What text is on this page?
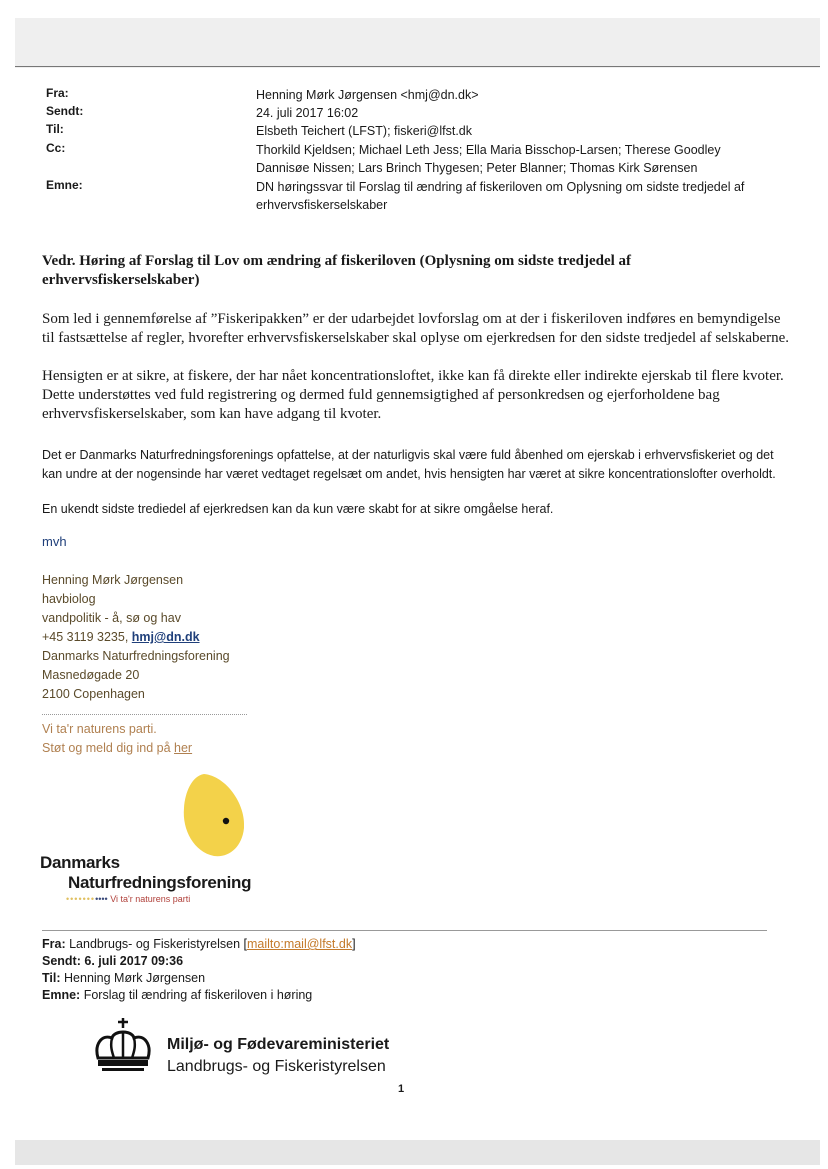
Fra:	Henning Mørk Jørgensen <hmj@dn.dk>
Sendt:	24. juli 2017 16:02
Til:	Elsbeth Teichert (LFST); fiskeri@lfst.dk
Cc:	Thorkild Kjeldsen; Michael Leth Jess; Ella Maria Bisschop-Larsen; Therese Goodley Dannisøe Nissen; Lars Brinch Thygesen; Peter Blanner; Thomas Kirk Sørensen
Emne:	DN høringssvar til Forslag til ændring af fiskeriloven om Oplysning om sidste tredjedel af erhvervsfiskerselskaber
Vedr. Høring af Forslag til Lov om ændring af fiskeriloven (Oplysning om sidste tredjedel af erhvervsfiskerselskaber)
Som led i gennemførelse af ”Fiskeripakken” er der udarbejdet lovforslag om at der i fiskeriloven indføres en bemyndigelse til fastsættelse af regler, hvorefter erhvervsfiskerselskaber skal oplyse om ejerkredsen for den sidste tredjedel af selskaberne.
Hensigten er at sikre, at fiskere, der har nået koncentrationsloftet, ikke kan få direkte eller indirekte ejerskab til flere kvoter. Dette understøttes ved fuld registrering og dermed fuld gennemsigtighed af personkredsen og ejerforholdene bag erhvervsfiskerselskaber, som kan have adgang til kvoter.
Det er Danmarks Naturfredningsforenings opfattelse, at der naturligvis skal være fuld åbenhed om ejerskab i erhvervsfiskeriet og det kan undre at der nogensinde har været vedtaget regelsæt om andet, hvis hensigten har været at sikre koncentrationslofter overholdt.
En ukendt sidste trediedel af ejerkredsen kan da kun være skabt for at sikre omgåelse heraf.
mvh
Henning Mørk Jørgensen
havbiolog
vandpolitik - å, sø og hav
+45 3119 3235, hmj@dn.dk
Danmarks Naturfredningsforening
Masnedøgade 20
2100 Copenhagen
Vi ta'r naturens parti.
Støt og meld dig ind på her
Danmarks
Naturfredningsforening
••••••••••• Vi ta'r naturens parti
Fra: Landbrugs- og Fiskeristyrelsen [mailto:mail@lfst.dk]
Sendt: 6. juli 2017 09:36
Til: Henning Mørk Jørgensen
Emne: Forslag til ændring af fiskeriloven i høring
Miljø- og Fødevareministeriet
Landbrugs- og Fiskeristyrelsen
1
